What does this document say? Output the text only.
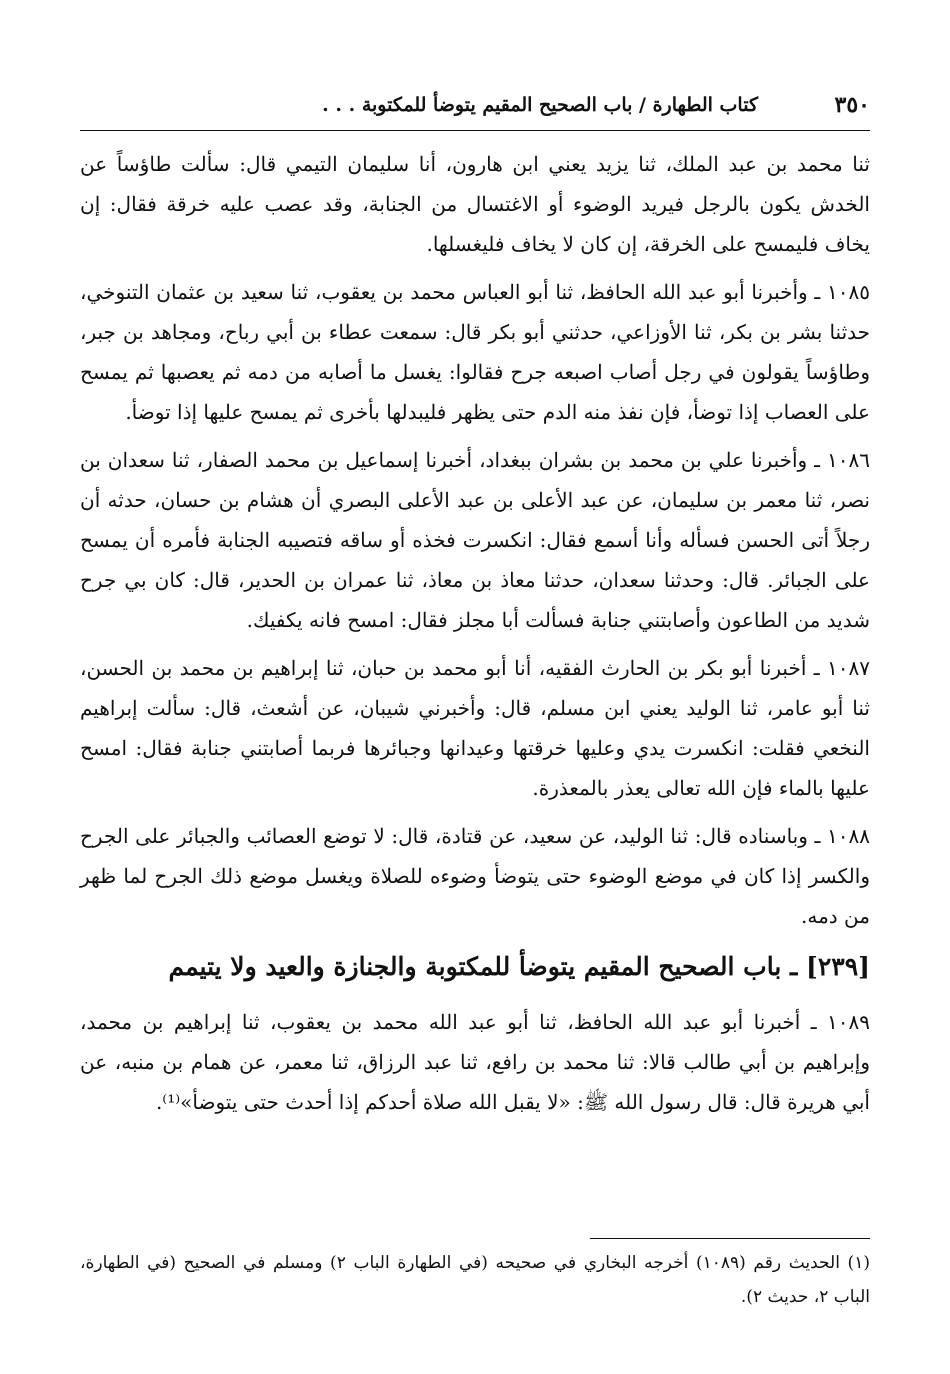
٣٥٠
كتاب الطهارة / باب الصحيح المقيم يتوضأ للمكتوبة . . .

ثنا محمد بن عبد الملك، ثنا يزيد يعني ابن هارون، أنا سليمان التيمي قال: سألت طاؤساً عن الخدش يكون بالرجل فيريد الوضوء أو الاغتسال من الجنابة، وقد عصب عليه خرقة فقال: إن يخاف فليمسح على الخرقة، إن كان لا يخاف فليغسلها.

١٠٨٥ ـ وأخبرنا أبو عبد الله الحافظ، ثنا أبو العباس محمد بن يعقوب، ثنا سعيد بن عثمان التنوخي، حدثنا بشر بن بكر، ثنا الأوزاعي، حدثني أبو بكر قال: سمعت عطاء بن أبي رباح، ومجاهد بن جبر، وطاؤساً يقولون في رجل أصاب اصبعه جرح فقالوا: يغسل ما أصابه من دمه ثم يعصبها ثم يمسح على العصاب إذا توضأ، فإن نفذ منه الدم حتى يظهر فليبدلها بأخرى ثم يمسح عليها إذا توضأ.

١٠٨٦ ـ وأخبرنا علي بن محمد بن بشران ببغداد، أخبرنا إسماعيل بن محمد الصفار، ثنا سعدان بن نصر، ثنا معمر بن سليمان، عن عبد الأعلى بن عبد الأعلى البصري أن هشام بن حسان، حدثه أن رجلاً أتى الحسن فسأله وأنا أسمع فقال: انكسرت فخذه أو ساقه فتصيبه الجنابة فأمره أن يمسح على الجبائر. قال: وحدثنا سعدان، حدثنا معاذ بن معاذ، ثنا عمران بن الحدير، قال: كان بي جرح شديد من الطاعون وأصابتني جنابة فسألت أبا مجلز فقال: امسح فانه يكفيك.

١٠٨٧ ـ أخبرنا أبو بكر بن الحارث الفقيه، أنا أبو محمد بن حبان، ثنا إبراهيم بن محمد بن الحسن، ثنا أبو عامر، ثنا الوليد يعني ابن مسلم، قال: وأخبرني شيبان، عن أشعث، قال: سألت إبراهيم النخعي فقلت: انكسرت يدي وعليها خرقتها وعيدانها وجبائرها فربما أصابتني جنابة فقال: امسح عليها بالماء فإن الله تعالى يعذر بالمعذرة.

١٠٨٨ ـ وباسناده قال: ثنا الوليد، عن سعيد، عن قتادة، قال: لا توضع العصائب والجبائر على الجرح والكسر إذا كان في موضع الوضوء حتى يتوضأ وضوءه للصلاة ويغسل موضع ذلك الجرح لما ظهر من دمه.

[٢٣٩] ـ باب الصحيح المقيم يتوضأ للمكتوبة والجنازة والعيد ولا يتيمم

١٠٨٩ ـ أخبرنا أبو عبد الله الحافظ، ثنا أبو عبد الله محمد بن يعقوب، ثنا إبراهيم بن محمد، وإبراهيم بن أبي طالب قالا: ثنا محمد بن رافع، ثنا عبد الرزاق، ثنا معمر، عن همام بن منبه، عن أبي هريرة قال: قال رسول الله ﷺ: «لا يقبل الله صلاة أحدكم إذا أحدث حتى يتوضأ»⁽¹⁾.

(١) الحديث رقم (١٠٨٩) أخرجه البخاري في صحيحه (في الطهارة الباب ٢) ومسلم في الصحيح (في الطهارة، الباب ٢، حديث ٢).
